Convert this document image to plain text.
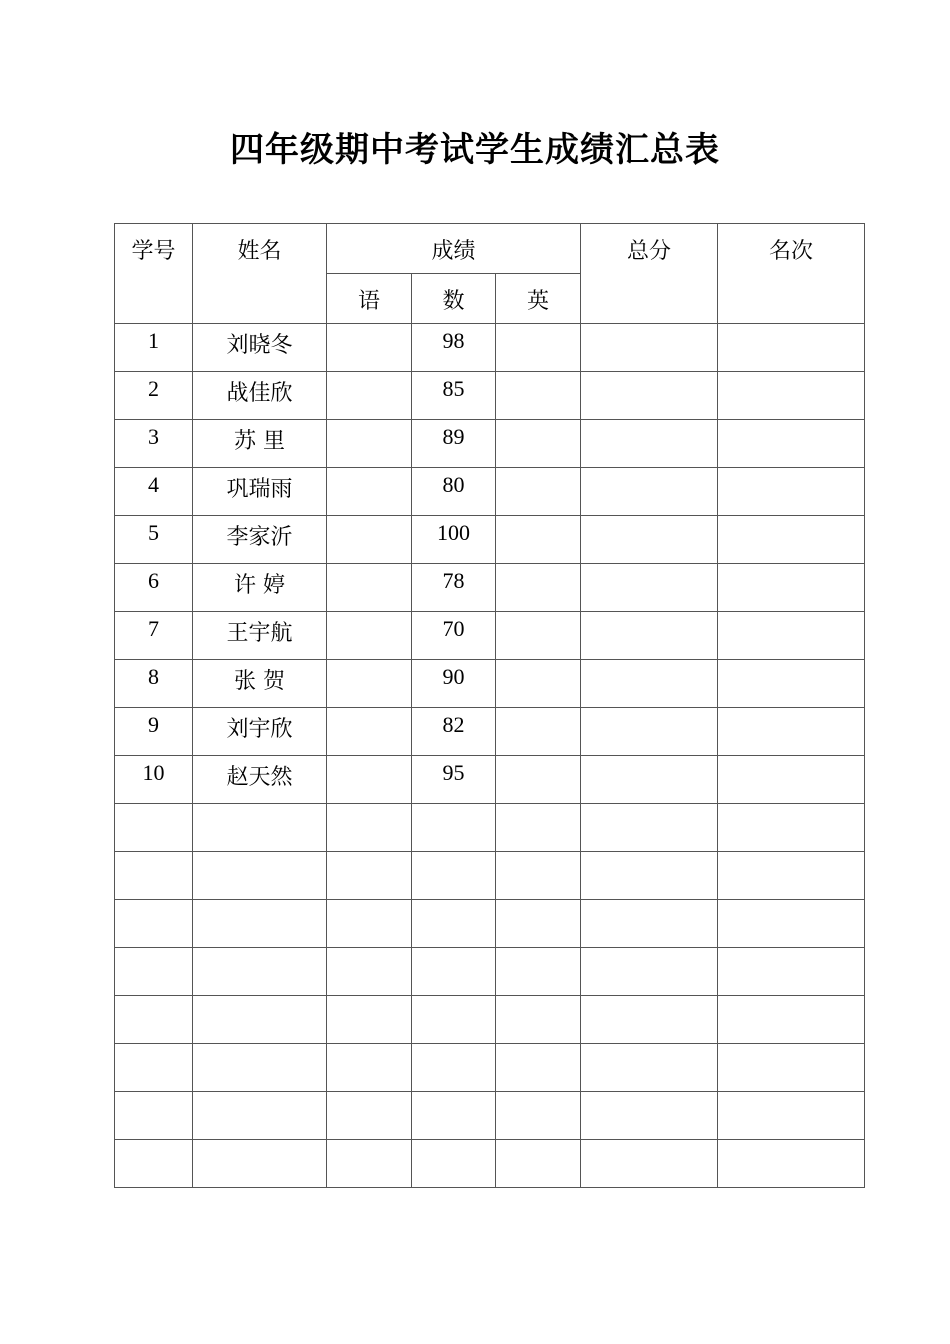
四年级期中考试学生成绩汇总表
学号	姓名	成绩			总分	名次
		语	数	英		
1	刘晓冬		98			
2	战佳欣		85			
3	苏 里		89			
4	巩瑞雨		80			
5	李家沂		100			
6	许 婷		78			
7	王宇航		70			
8	张 贺		90			
9	刘宇欣		82			
10	赵天然		95			
